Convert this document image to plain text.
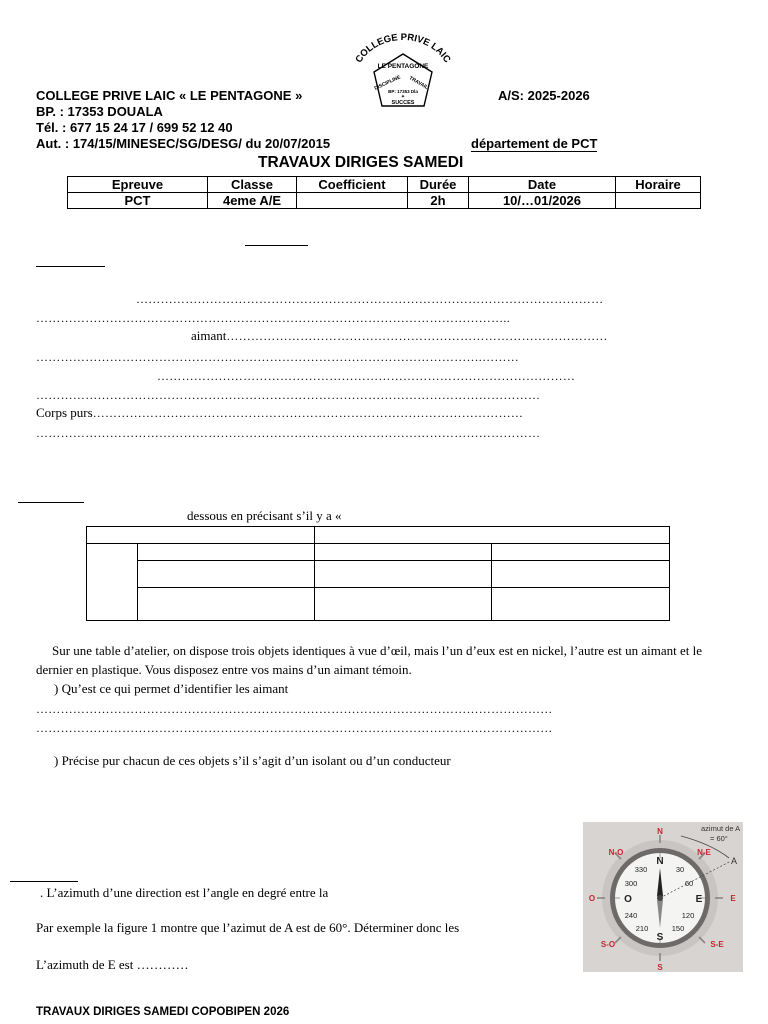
COLLEGE PRIVE LAIC
LE PENTAGONE
DISCIPLINE TRAVAIL
BP: 17353 Dla
✦
SUCCES
COLLEGE PRIVE LAIC « LE PENTAGONE »
BP. : 17353 DOUALA
Tél. : 677 15 24 17 / 699 52 12 40
Aut. : 174/15/MINESEC/SG/DESG/ du 20/07/2015
A/S: 2025-2026
département de PCT
TRAVAUX DIRIGES SAMEDI
Epreuve	Classe	Coefficient	Durée	Date	Horaire
PCT	4eme A/E		2h	10/…01/2026	
……………………………………………………………………………………………………
……………………………………………………………………………………………………..
aimant…………………………………………………………………………………
……………………………………………………………………………………………….………
…………………………………………………………………………………………
……………………………………………………………………………………………………………
Corps purs……………………………………………………………………………………………
……………………………………………………………………………………………………………
dessous en précisant s’il y a «

Sur une table d’atelier, on dispose trois objets identiques à vue d’œil, mais l’un d’eux est en nickel, l’autre est un aimant et le dernier en plastique. Vous disposez entre vos mains d’un aimant témoin.
) Qu’est ce qui permet d’identifier les aimant
………………………………………………………………………………………………………………
………………………………………………………………………………………………………………
) Précise pur chacun de ces objets s’il s’agit d’un isolant ou d’un conducteur
. L’azimuth d’une direction est l’angle en degré entre la
Par exemple la figure 1 montre que l’azimut de A est de 60°. Déterminer donc les
L’azimuth de E est …………
azimut de A
= 60°
A
N
N-E
E
S-E
S
S-O
O
N-O
N
E
S
O
30
60
120
150
210
240
300
330
TRAVAUX DIRIGES SAMEDI COPOBIPEN 2026
